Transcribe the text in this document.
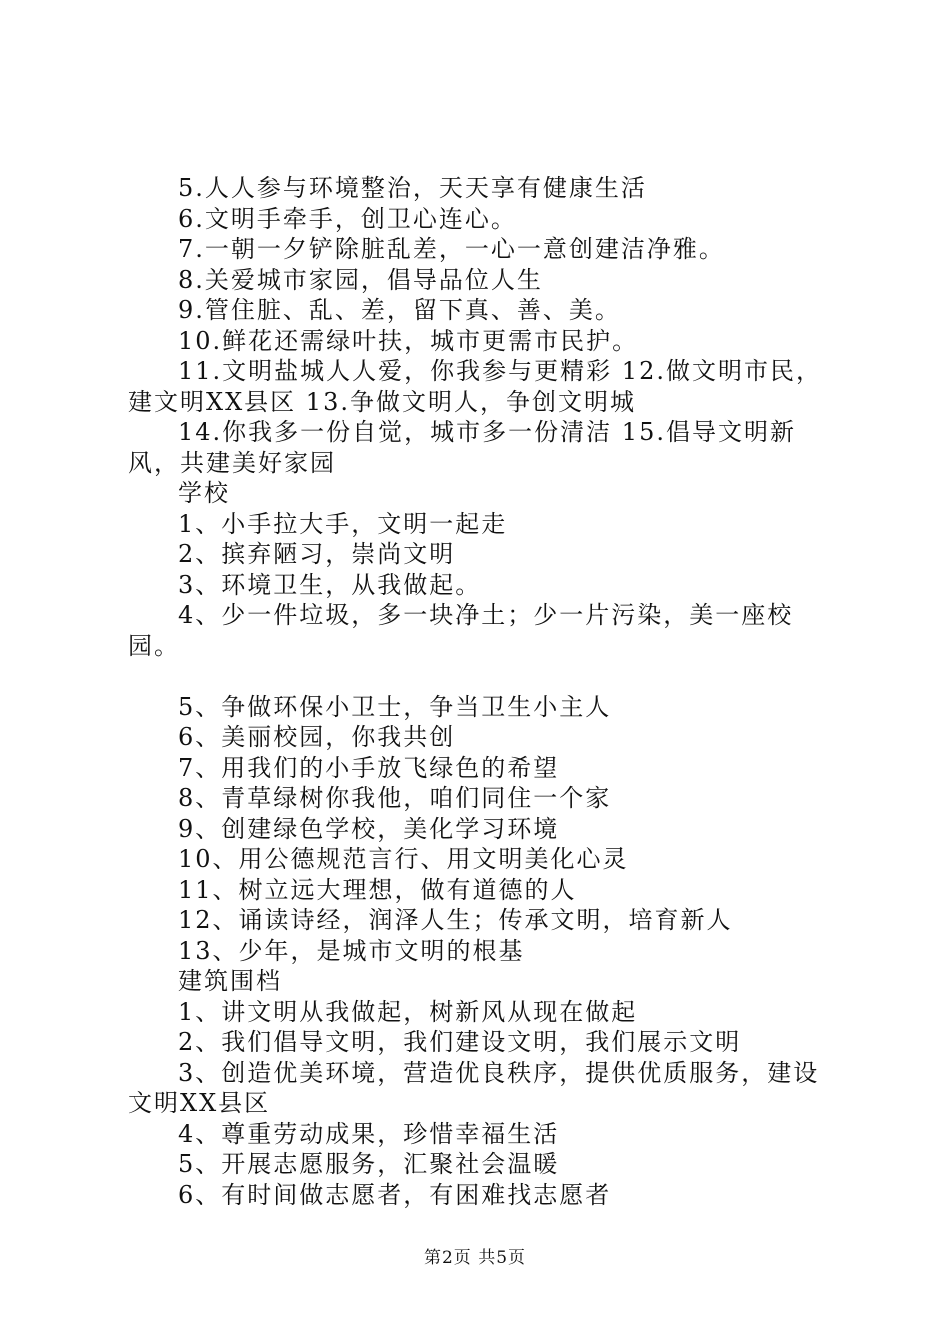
5.人人参与环境整治，天天享有健康生活

6.文明手牵手，创卫心连心。

7.一朝一夕铲除脏乱差，一心一意创建洁净雅。

8.关爱城市家园，倡导品位人生

9.管住脏、乱、差，留下真、善、美。

10.鲜花还需绿叶扶，城市更需市民护。

11.文明盐城人人爱，你我参与更精彩 12.做文明市民，建文明XX县区 13.争做文明人，争创文明城

14.你我多一份自觉，城市多一份清洁 15.倡导文明新风，共建美好家园

学校

1、小手拉大手，文明一起走

2、摈弃陋习，崇尚文明

3、环境卫生，从我做起。

4、少一件垃圾，多一块净土；少一片污染，美一座校园。

5、争做环保小卫士，争当卫生小主人

6、美丽校园，你我共创

7、用我们的小手放飞绿色的希望

8、青草绿树你我他，咱们同住一个家

9、创建绿色学校，美化学习环境

10、用公德规范言行、用文明美化心灵

11、树立远大理想，做有道德的人

12、诵读诗经，润泽人生；传承文明，培育新人

13、少年，是城市文明的根基

建筑围档

1、讲文明从我做起，树新风从现在做起

2、我们倡导文明，我们建设文明，我们展示文明

3、创造优美环境，营造优良秩序，提供优质服务，建设文明XX县区

4、尊重劳动成果，珍惜幸福生活

5、开展志愿服务，汇聚社会温暖

6、有时间做志愿者，有困难找志愿者

第2页 共5页
